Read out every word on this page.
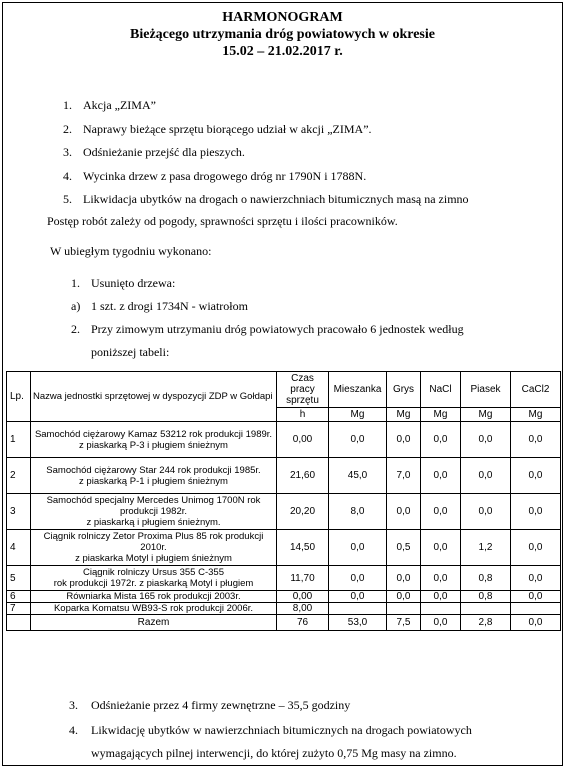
HARMONOGRAM
Bieżącego utrzymania dróg powiatowych w okresie
15.02 – 21.02.2017 r.
1. Akcja „ZIMA”
2. Naprawy bieżące sprzętu biorącego udział w akcji „ZIMA”.
3. Odśnieżanie przejść dla pieszych.
4. Wycinka drzew z pasa drogowego dróg nr 1790N i 1788N.
5. Likwidacja ubytków na drogach o nawierzchniach bitumicznych masą na zimno
Postęp robót zależy od pogody, sprawności sprzętu i ilości pracowników.
W ubiegłym tygodniu wykonano:
1. Usunięto drzewa:
a) 1 szt. z drogi 1734N - wiatrołom
2. Przy zimowym utrzymaniu dróg powiatowych pracowało 6 jednostek według
poniższej tabeli:
Lp.	Nazwa jednostki sprzętowej w dyspozycji ZDP w Gołdapi	Czas pracy sprzętu	Mieszanka	Grys	NaCl	Piasek	CaCl2
		h	Mg	Mg	Mg	Mg	Mg
1	Samochód ciężarowy Kamaz 53212 rok produkcji 1989r.
z piaskarką P-3 i pługiem śnieżnym	0,00	0,0	0,0	0,0	0,0	0,0
2	Samochód ciężarowy Star 244 rok produkcji 1985r.
z piaskarką P-1 i pługiem śnieżnym	21,60	45,0	7,0	0,0	0,0	0,0
3	Samochód specjalny Mercedes Unimog 1700N rok produkcji 1982r.
z piaskarką i pługiem śnieżnym.	20,20	8,0	0,0	0,0	0,0	0,0
4	Ciągnik rolniczy Zetor Proxima Plus 85 rok produkcji 2010r.
z piaskarka Motyl i pługiem śnieżnym	14,50	0,0	0,5	0,0	1,2	0,0
5	Ciągnik rolniczy Ursus 355 C-355
rok produkcji 1972r. z piaskarką Motyl i pługiem	11,70	0,0	0,0	0,0	0,8	0,0
6	Równiarka Mista 165 rok produkcji 2003r.	0,00	0,0	0,0	0,0	0,8	0,0
7	Koparka Komatsu WB93-S rok produkcji 2006r.	8,00					
	Razem	76	53,0	7,5	0,0	2,8	0,0
3. Odśnieżanie przez 4 firmy zewnętrzne – 35,5 godziny
4. Likwidację ubytków w nawierzchniach bitumicznych na drogach powiatowych
wymagających pilnej interwencji, do której zużyto 0,75 Mg masy na zimno.
